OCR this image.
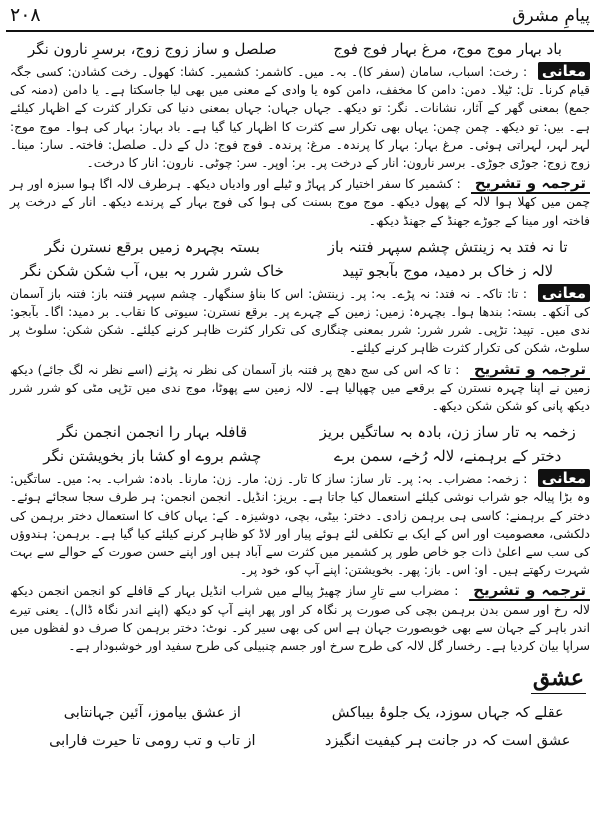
پیامِ مشرق
۲۰۸
باد بہار موج موج، مرغ بہار فوج فوج
صلصل و ساز زوج زوج، برسرِ نارون نگر
معانی : رخت: اسباب، سامان (سفر کا)۔ بہ۔ میں۔ کاشمر: کشمیر۔ کشا: کھول۔ رخت کشادن: کسی جگہ قیام کرنا۔ تل: ٹیلا۔ دمن: دامن کا مخفف، دامن کوہ یا وادی کے معنی میں بھی لیا جاسکتا ہے۔ یا دامن (دمنہ کی جمع) بمعنی گھر کے آثار، نشانات۔ نگر: تو دیکھ۔ جہاں جہاں: جہاں بمعنی دنیا کی تکرار کثرت کے اظہار کیلئے ہے۔ بیں: تو دیکھ۔ چمن چمن: یہاں بھی تکرار سے کثرت کا اظہار کیا گیا ہے۔ باد بہار: بہار کی ہوا۔ موج موج: لہر لہر، لہراتی ہوئی۔ مرغ بہار: بہار کا پرندہ۔ مرغ: پرندہ۔ فوج فوج: دل کے دل۔ صلصل: فاختہ۔ سار: مینا۔ زوج زوج: جوڑی جوڑی۔ برسر نارون: انار کے درخت پر۔ بر: اوپر۔ سر: چوٹی۔ نارون: انار کا درخت۔
ترجمہ و تشریح : کشمیر کا سفر اختیار کر پہاڑ و ٹیلے اور وادیاں دیکھ۔ ہرطرف لالہ اگا ہوا سبزہ اور ہر چمن میں کھلا ہوا لالہ کے پھول دیکھ۔ موج موج بسنت کی ہوا کی فوج بہار کے پرندے دیکھ۔ انار کے درخت پر فاختہ اور مینا کے جوڑے جھنڈ کے جھنڈ دیکھ۔
تا نہ فتد بہ زینتش چشم سپہر فتنہ باز
بستہ بچہرہ زمیں برقع نسترن نگر
لالہ ز خاک بر دمید، موج بآبجو تپید
خاک شرر شرر بہ بیں، آب شکن شکن نگر
معانی : تا: تاکہ۔ نہ فتد: نہ پڑے۔ بہ: پر۔ زینتش: اس کا بناؤ سنگھار۔ چشم سپہر فتنہ باز: فتنہ باز آسمان کی آنکھ۔ بستہ: بندھا ہوا۔ بچہرہ: زمیں: زمین کے چہرے پر۔ برقع نسترن: سیوتی کا نقاب۔ بر دمید: اگا۔ بآبجو: ندی میں۔ تپید: تڑپی۔ شرر شرر: شرر بمعنی چنگاری کی تکرار کثرت ظاہر کرنے کیلئے۔ شکن شکن: سلوٹ پر سلوٹ، شکن کی تکرار کثرت ظاہر کرنے کیلئے۔
ترجمہ و تشریح : تا کہ اس کی سج دھج پر فتنہ باز آسمان کی نظر نہ پڑنے (اسے نظر نہ لگ جائے) دیکھ زمین نے اپنا چہرہ نسترن کے برقعے میں چھپالیا ہے۔ لالہ زمین سے پھوٹا، موج ندی میں تڑپی مٹی کو شرر شرر دیکھ پانی کو شکن شکن دیکھ۔
زخمہ بہ تار ساز زن، بادہ بہ ساتگیں بریز
قافلہ بہار را انجمن انجمن نگر
دختر کے برہمنے، لالہ رُخے، سمن برے
چشم بروے او کشا باز بخویشتن نگر
معانی : زخمہ: مضراب۔ بہ: پر۔ تار ساز: ساز کا تار۔ زن: مار۔ زن: مارنا۔ بادہ: شراب۔ بہ: میں۔ ساتگیں: وہ بڑا پیالہ جو شراب نوشی کیلئے استعمال کیا جاتا ہے۔ بریز: انڈیل۔ انجمن انجمن: ہر طرف سجا سجائے ہوئے۔ دختر کے برہمنے: کاسی ہی برہمن زادی۔ دختر: بیٹی، بچی، دوشیزہ۔ کے: یہاں کاف کا استعمال دختر برہمن کی دلکشی، معصومیت اور اس کے ایک بے تکلفی لئے ہوئے پیار اور لاڈ کو ظاہر کرنے کیلئے کیا گیا ہے۔ برہمن: ہندوؤں کی سب سے اعلیٰ ذات جو خاص طور پر کشمیر میں کثرت سے آباد ہیں اور اپنے حسن صورت کے حوالے سے بہت شہرت رکھتے ہیں۔ او: اس۔ باز: پھر۔ بخویشتن: اپنے آپ کو، خود پر۔
ترجمہ و تشریح : مضراب سے تارِ ساز چھیڑ پیالے میں شراب انڈیل بہار کے قافلے کو انجمن انجمن دیکھ لالہ رخ اور سمن بدن برہمن بچی کی صورت پر نگاہ کر اور پھر اپنے آپ کو دیکھ (اپنے اندر نگاہ ڈال)۔ یعنی تیرے اندر باہر کے جہان سے بھی خوبصورت جہان ہے اس کی بھی سیر کر۔ نوٹ: دختر برہمن کا صرف دو لفظوں میں سراپا بیان کردیا ہے۔ رخسار گل لالہ کی طرح سرخ اور جسم چنبیلی کی طرح سفید اور خوشبودار ہے۔
عشق
عقلے کہ جہاں سوزد، یک جلوۂ بیباکش
از عشق بیاموز، آئین جہانتابی
عشق است کہ در جانت ہر کیفیت انگیزد
از تاب و تب رومی تا حیرت فارابی
